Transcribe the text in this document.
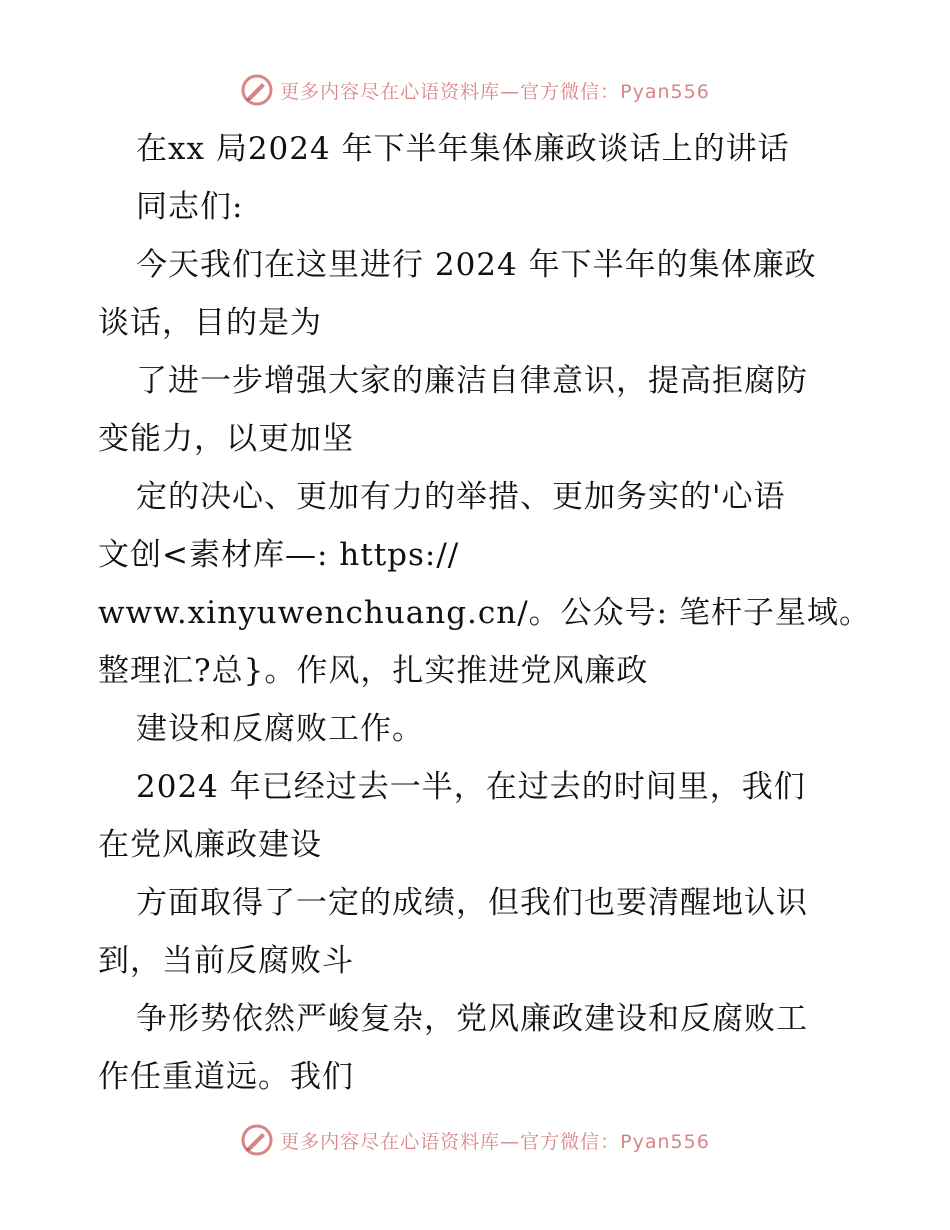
更多内容尽在心语资料库—官方微信：Pyan556
在xx 局2024 年下半年集体廉政谈话上的讲话
同志们:
今天我们在这里进行 2024 年下半年的集体廉政
谈话，目的是为
了进一步增强大家的廉洁自律意识，提高拒腐防
变能力，以更加坚
定的决心、更加有力的举措、更加务实的'心语
文创<素材库—: https://
www.xinyuwenchuang.cn/。公众号: 笔杆子星域。
整理汇?总}。作风，扎实推进党风廉政
建设和反腐败工作。
2024 年已经过去一半，在过去的时间里，我们
在党风廉政建设
方面取得了一定的成绩，但我们也要清醒地认识
到，当前反腐败斗
争形势依然严峻复杂，党风廉政建设和反腐败工
作任重道远。我们
更多内容尽在心语资料库—官方微信：Pyan556
